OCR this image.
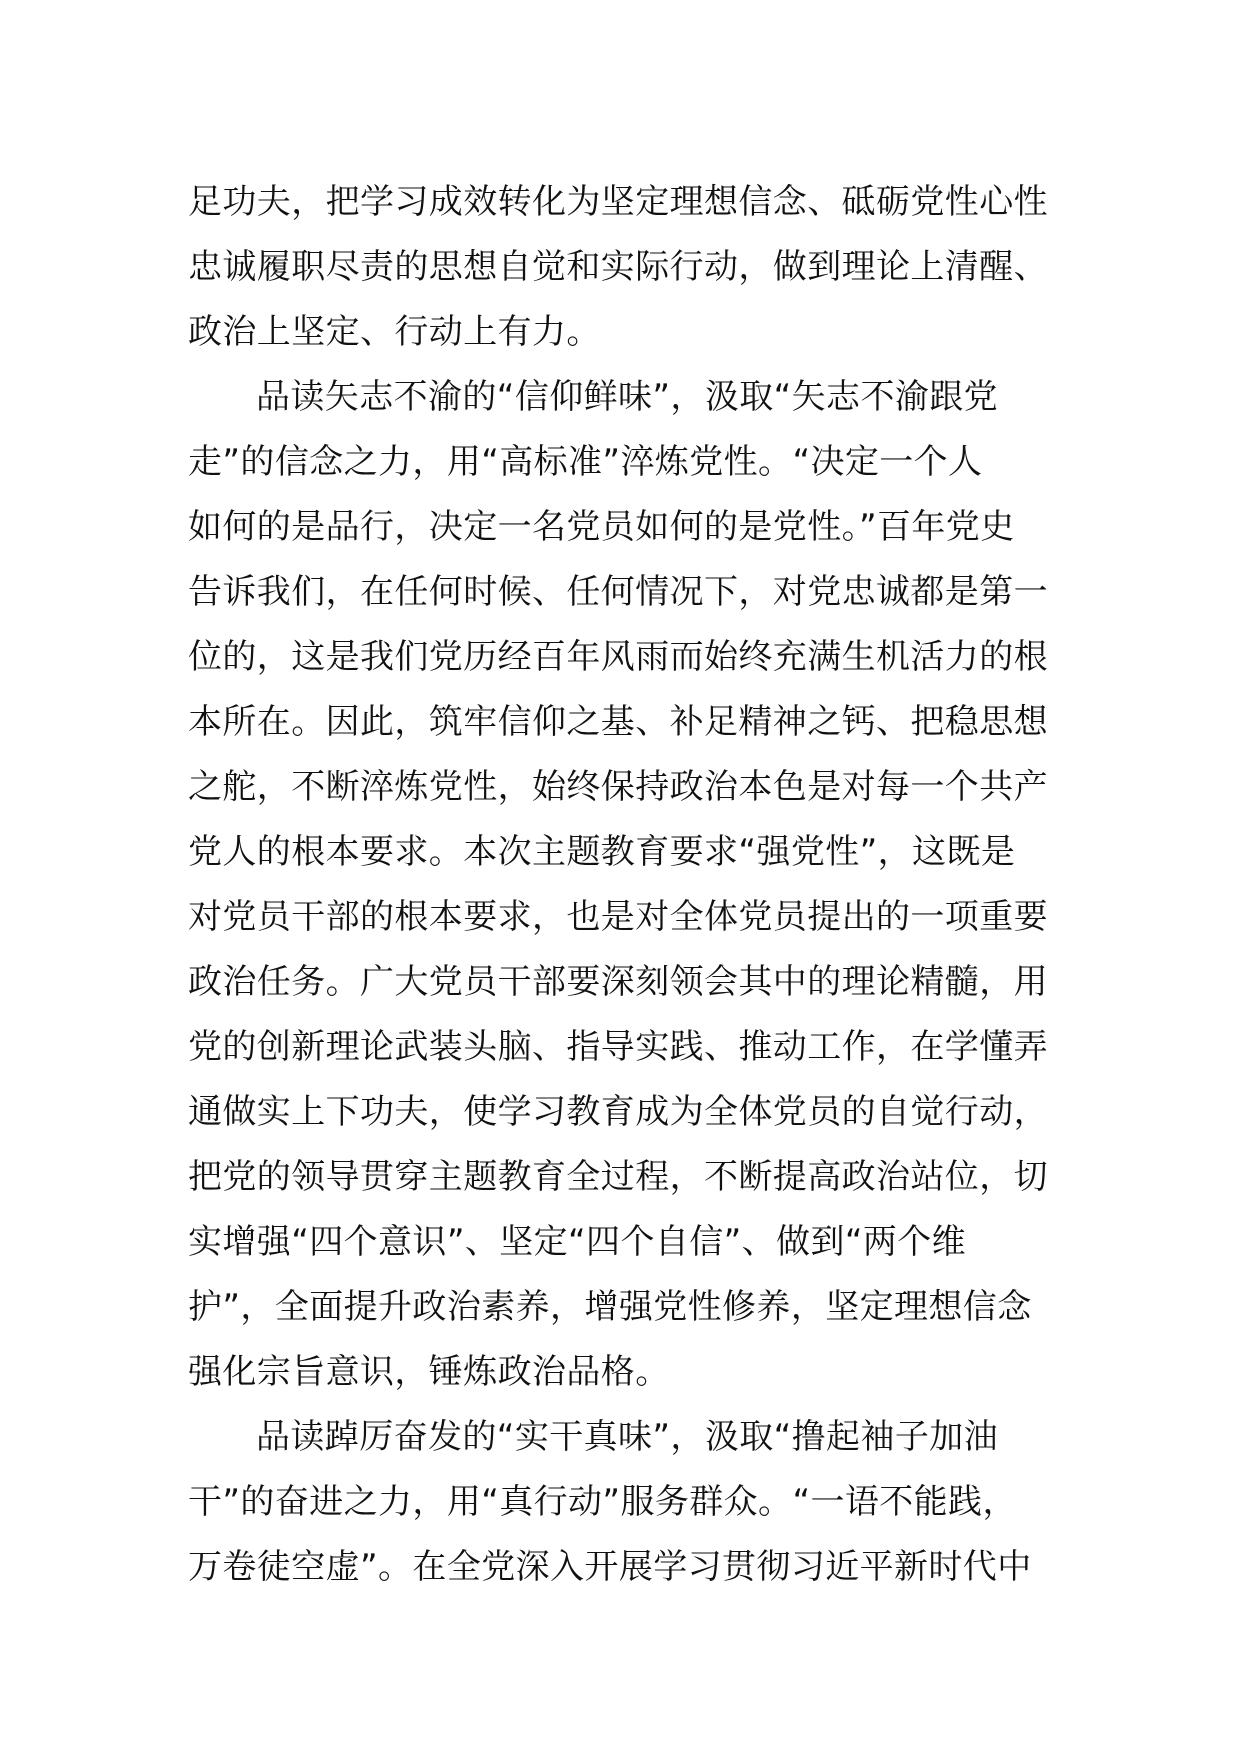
足功夫，把学习成效转化为坚定理想信念、砥砺党性心性
忠诚履职尽责的思想自觉和实际行动，做到理论上清醒、
政治上坚定、行动上有力。
品读矢志不渝的“信仰鲜味”，汲取“矢志不渝跟党
走”的信念之力，用“高标准”淬炼党性。“决定一个人
如何的是品行，决定一名党员如何的是党性。”百年党史
告诉我们，在任何时候、任何情况下，对党忠诚都是第一
位的，这是我们党历经百年风雨而始终充满生机活力的根
本所在。因此，筑牢信仰之基、补足精神之钙、把稳思想
之舵，不断淬炼党性，始终保持政治本色是对每一个共产
党人的根本要求。本次主题教育要求“强党性”，这既是
对党员干部的根本要求，也是对全体党员提出的一项重要
政治任务。广大党员干部要深刻领会其中的理论精髓，用
党的创新理论武装头脑、指导实践、推动工作，在学懂弄
通做实上下功夫，使学习教育成为全体党员的自觉行动，
把党的领导贯穿主题教育全过程，不断提高政治站位，切
实增强“四个意识”、坚定“四个自信”、做到“两个维
护”，全面提升政治素养，增强党性修养，坚定理想信念
强化宗旨意识，锤炼政治品格。
品读踔厉奋发的“实干真味”，汲取“撸起袖子加油
干”的奋进之力，用“真行动”服务群众。“一语不能践，
万卷徒空虚”。在全党深入开展学习贯彻习近平新时代中
